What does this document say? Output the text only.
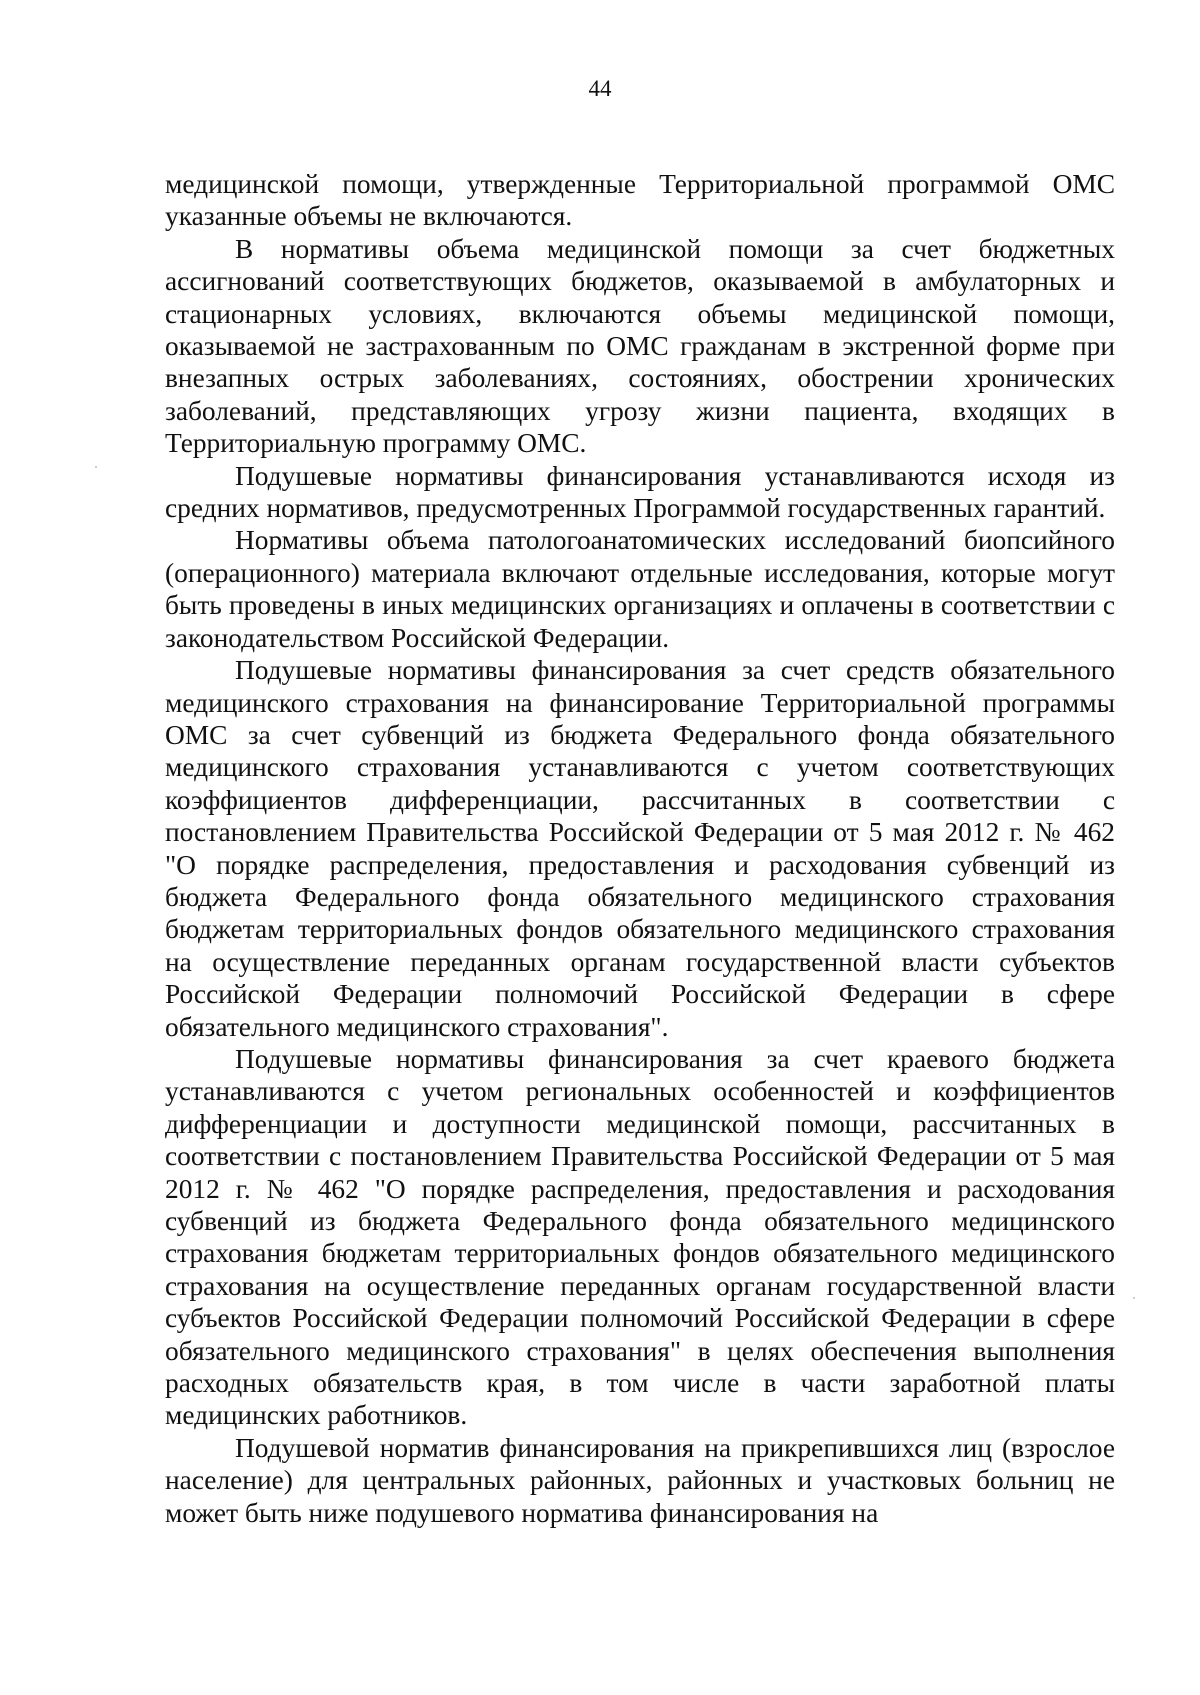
44

медицинской помощи, утвержденные Территориальной программой ОМС указанные объемы не включаются.

В нормативы объема медицинской помощи за счет бюджетных ассигнований соответствующих бюджетов, оказываемой в амбулаторных и стационарных условиях, включаются объемы медицинской помощи, оказываемой не застрахованным по ОМС гражданам в экстренной форме при внезапных острых заболеваниях, состояниях, обострении хронических заболеваний, представляющих угрозу жизни пациента, входящих в Территориальную программу ОМС.

Подушевые нормативы финансирования устанавливаются исходя из средних нормативов, предусмотренных Программой государственных гарантий.

Нормативы объема патологоанатомических исследований биопсийного (операционного) материала включают отдельные исследования, которые могут быть проведены в иных медицинских организациях и оплачены в соответствии с законодательством Российской Федерации.

Подушевые нормативы финансирования за счет средств обязательного медицинского страхования на финансирование Территориальной программы ОМС за счет субвенций из бюджета Федерального фонда обязательного медицинского страхования устанавливаются с учетом соответствующих коэффициентов дифференциации, рассчитанных в соответствии с постановлением Правительства Российской Федерации от 5 мая 2012 г. № 462 "О порядке распределения, предоставления и расходования субвенций из бюджета Федерального фонда обязательного медицинского страхования бюджетам территориальных фондов обязательного медицинского страхования на осуществление переданных органам государственной власти субъектов Российской Федерации полномочий Российской Федерации в сфере обязательного медицинского страхования".

Подушевые нормативы финансирования за счет краевого бюджета устанавливаются с учетом региональных особенностей и коэффициентов дифференциации и доступности медицинской помощи, рассчитанных в соответствии с постановлением Правительства Российской Федерации от 5 мая 2012 г. № 462 "О порядке распределения, предоставления и расходования субвенций из бюджета Федерального фонда обязательного медицинского страхования бюджетам территориальных фондов обязательного медицинского страхования на осуществление переданных органам государственной власти субъектов Российской Федерации полномочий Российской Федерации в сфере обязательного медицинского страхования" в целях обеспечения выполнения расходных обязательств края, в том числе в части заработной платы медицинских работников.

Подушевой норматив финансирования на прикрепившихся лиц (взрослое население) для центральных районных, районных и участковых больниц не может быть ниже подушевого норматива финансирования на
